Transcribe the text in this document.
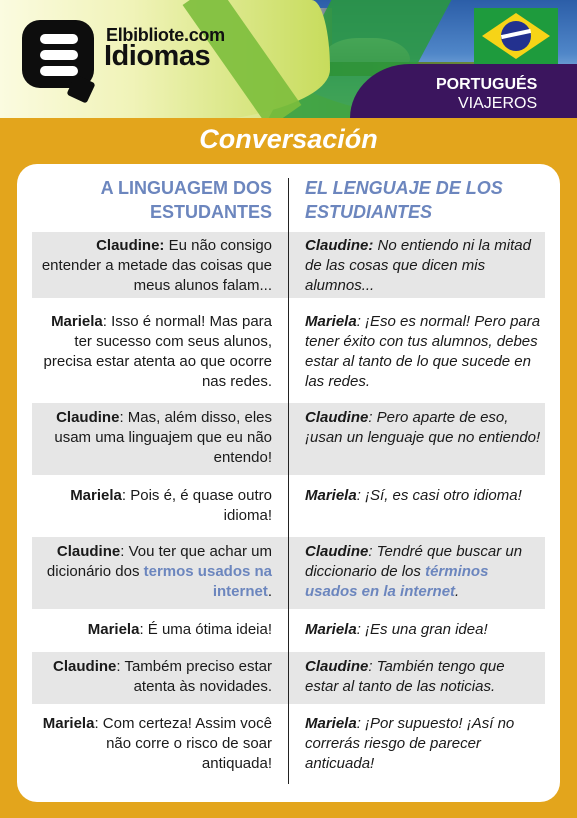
Elbibliote.com
Idiomas
PORTUGUÉS
VIAJEROS
Conversación
A LINGUAGEM DOS ESTUDANTES
EL LENGUAJE DE LOS ESTUDIANTES
Claudine: Eu não consigo entender a metade das coisas que meus alunos falam...
Claudine: No entiendo ni la mitad de las cosas que dicen mis alumnos...
Mariela: Isso é normal! Mas para ter sucesso com seus alunos, precisa estar atenta ao que ocorre nas redes.
Mariela: ¡Eso es normal! Pero para tener éxito con tus alumnos, debes estar al tanto de lo que sucede en las redes.
Claudine: Mas, além disso, eles usam uma linguajem que eu não entendo!
Claudine: Pero aparte de eso, ¡usan un lenguaje que no entiendo!
Mariela: Pois é, é quase outro idioma!
Mariela: ¡Sí, es casi otro idioma!
Claudine: Vou ter que achar um dicionário dos termos usados na internet.
Claudine: Tendré que buscar un diccionario de los términos usados en la internet.
Mariela: É uma ótima ideia! Mariela: ¡Es una gran idea!
Claudine: Também preciso estar atenta às novidades.
Claudine: También tengo que estar al tanto de las noticias.
Mariela: Com certeza! Assim você não corre o risco de soar antiquada!
Mariela: ¡Por supuesto! ¡Así no correrás riesgo de parecer anticuada!
